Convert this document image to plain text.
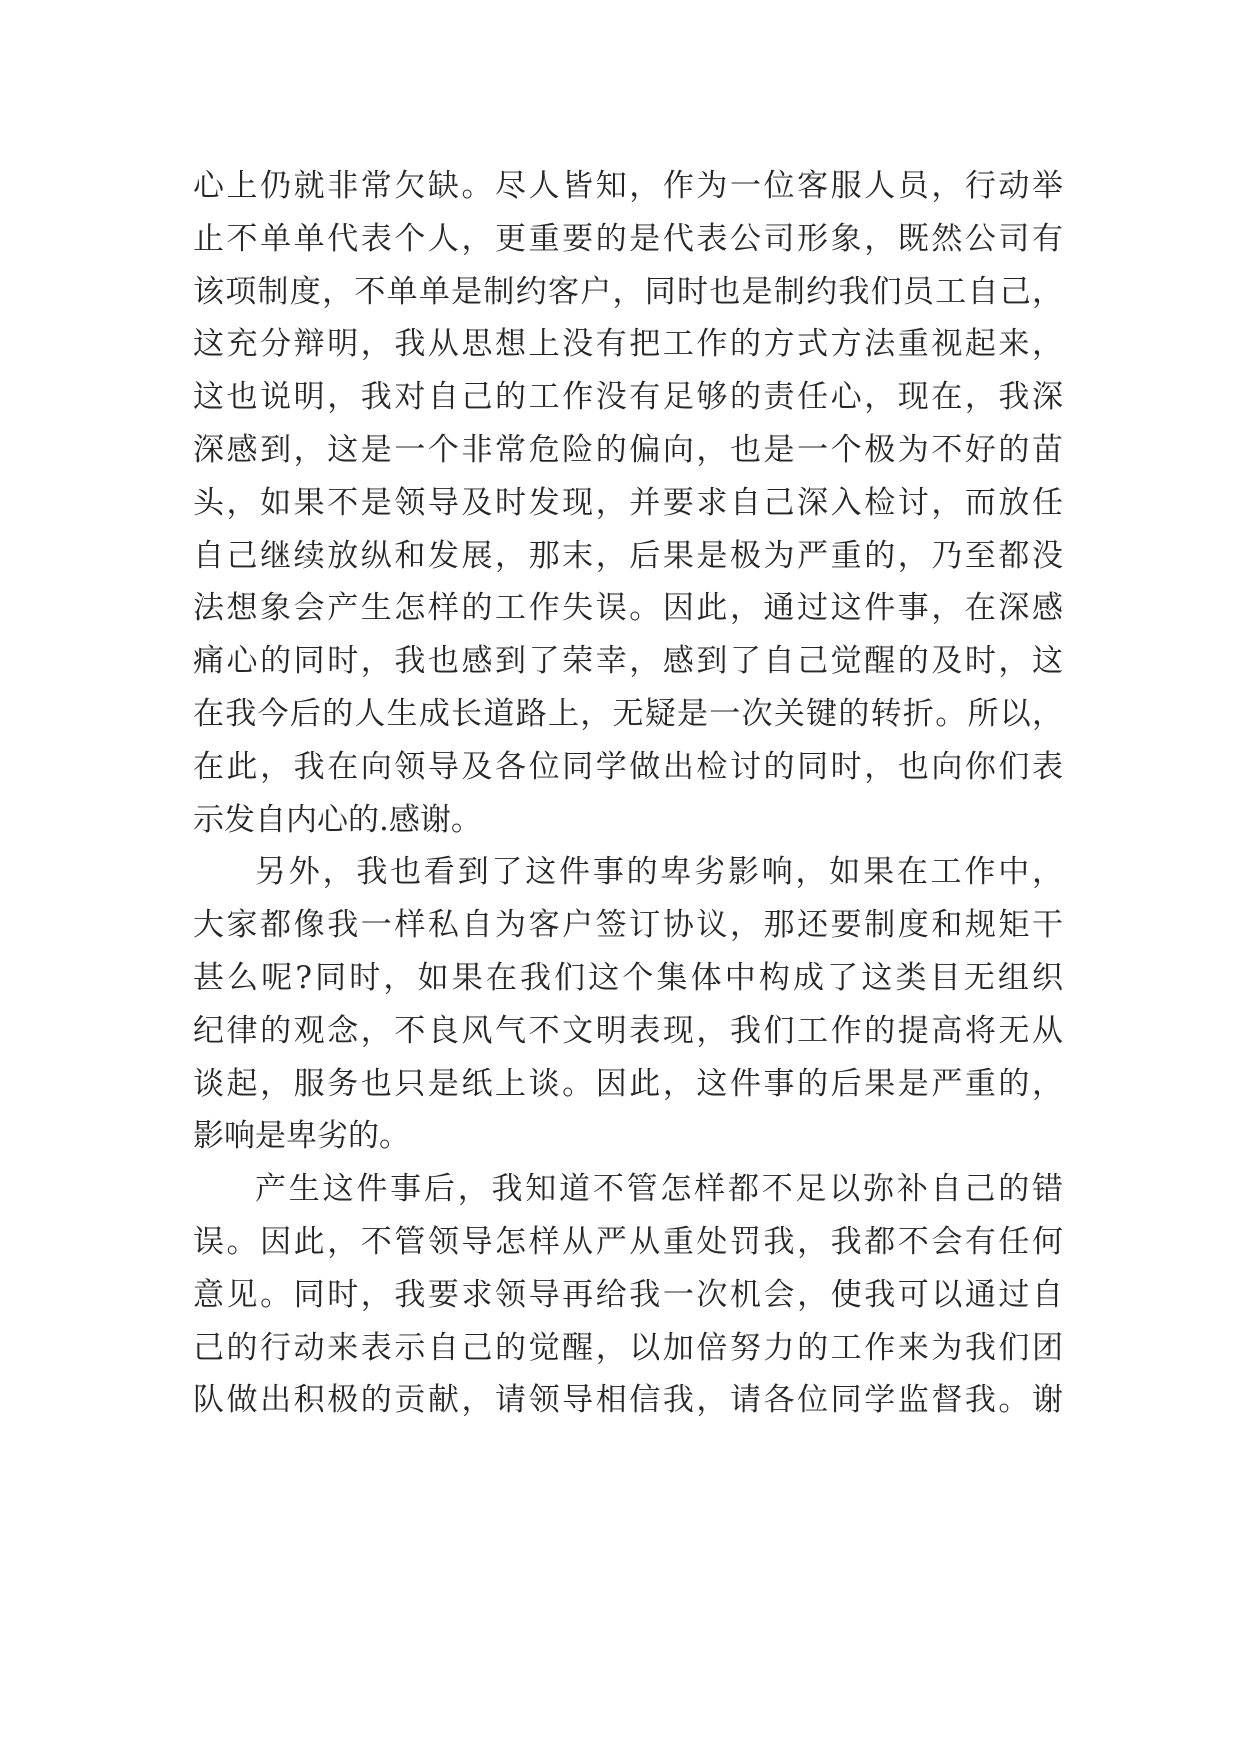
心上仍就非常欠缺。尽人皆知，作为一位客服人员，行动举
止不单单代表个人，更重要的是代表公司形象，既然公司有
该项制度，不单单是制约客户，同时也是制约我们员工自己，
这充分辩明，我从思想上没有把工作的方式方法重视起来，
这也说明，我对自己的工作没有足够的责任心，现在，我深
深感到，这是一个非常危险的偏向，也是一个极为不好的苗
头，如果不是领导及时发现，并要求自己深入检讨，而放任
自己继续放纵和发展，那末，后果是极为严重的，乃至都没
法想象会产生怎样的工作失误。因此，通过这件事，在深感
痛心的同时，我也感到了荣幸，感到了自己觉醒的及时，这
在我今后的人生成长道路上，无疑是一次关键的转折。所以，
在此，我在向领导及各位同学做出检讨的同时，也向你们表
示发自内心的.感谢。
另外，我也看到了这件事的卑劣影响，如果在工作中，
大家都像我一样私自为客户签订协议，那还要制度和规矩干
甚么呢?同时，如果在我们这个集体中构成了这类目无组织
纪律的观念，不良风气不文明表现，我们工作的提高将无从
谈起，服务也只是纸上谈。因此，这件事的后果是严重的，
影响是卑劣的。
产生这件事后，我知道不管怎样都不足以弥补自己的错
误。因此，不管领导怎样从严从重处罚我，我都不会有任何
意见。同时，我要求领导再给我一次机会，使我可以通过自
己的行动来表示自己的觉醒，以加倍努力的工作来为我们团
队做出积极的贡献，请领导相信我，请各位同学监督我。谢
